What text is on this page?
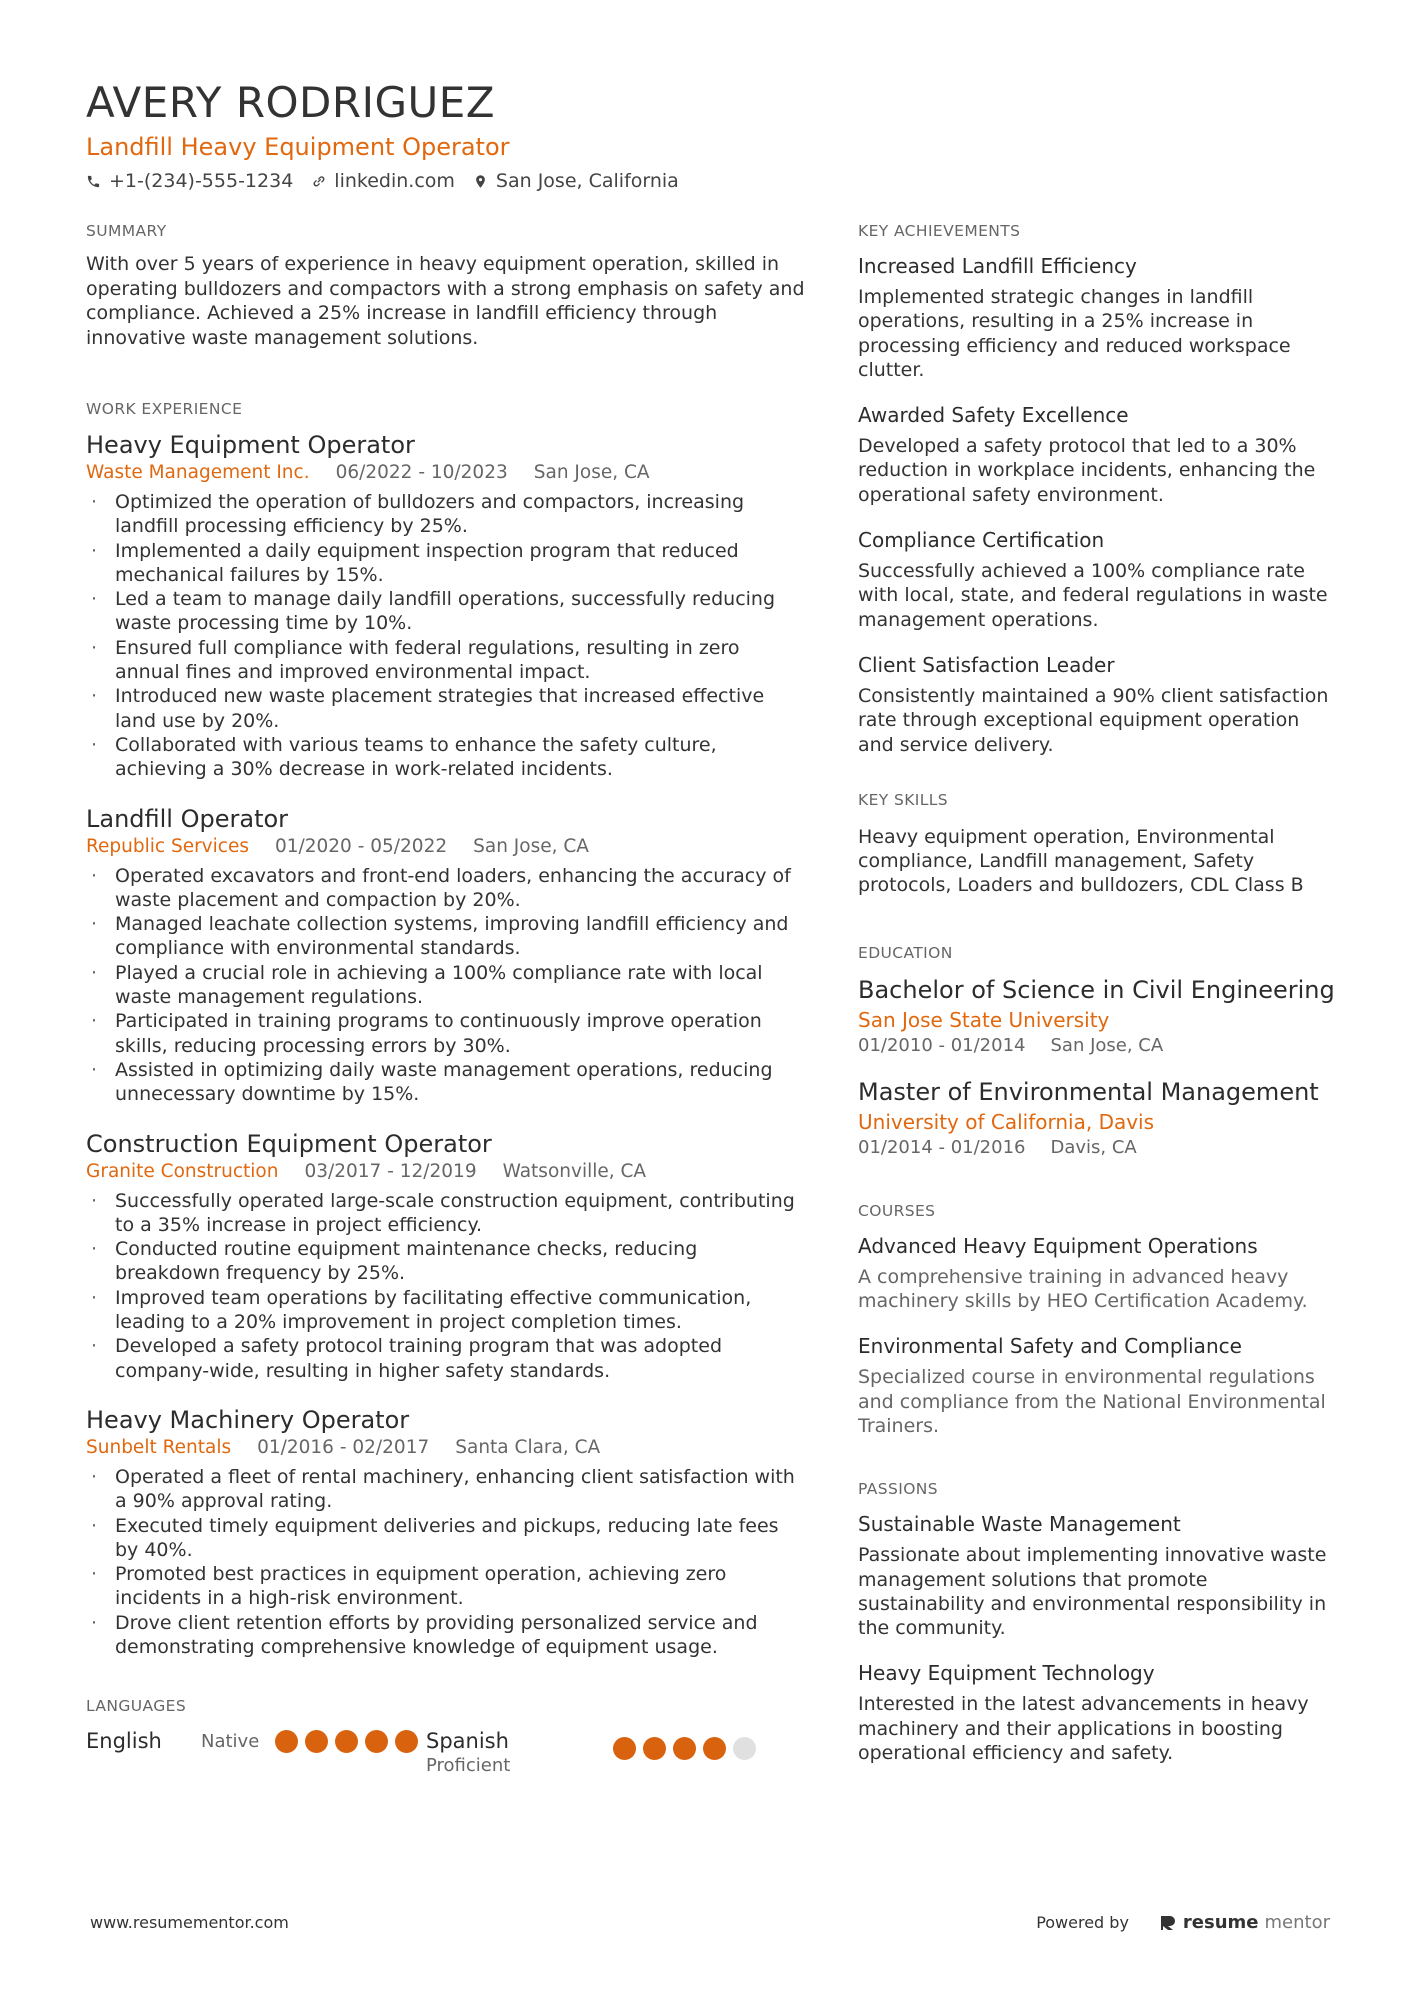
AVERY RODRIGUEZ
Landfill Heavy Equipment Operator
+1-(234)-555-1234 linkedin.com San Jose, California
SUMMARY
With over 5 years of experience in heavy equipment operation, skilled in operating bulldozers and compactors with a strong emphasis on safety and compliance. Achieved a 25% increase in landfill efficiency through innovative waste management solutions.
WORK EXPERIENCE
Heavy Equipment Operator
Waste Management Inc. 06/2022 - 10/2023 San Jose, CA
· Optimized the operation of bulldozers and compactors, increasing landfill processing efficiency by 25%.
· Implemented a daily equipment inspection program that reduced mechanical failures by 15%.
· Led a team to manage daily landfill operations, successfully reducing waste processing time by 10%.
· Ensured full compliance with federal regulations, resulting in zero annual fines and improved environmental impact.
· Introduced new waste placement strategies that increased effective land use by 20%.
· Collaborated with various teams to enhance the safety culture, achieving a 30% decrease in work-related incidents.
Landfill Operator
Republic Services 01/2020 - 05/2022 San Jose, CA
· Operated excavators and front-end loaders, enhancing the accuracy of waste placement and compaction by 20%.
· Managed leachate collection systems, improving landfill efficiency and compliance with environmental standards.
· Played a crucial role in achieving a 100% compliance rate with local waste management regulations.
· Participated in training programs to continuously improve operation skills, reducing processing errors by 30%.
· Assisted in optimizing daily waste management operations, reducing unnecessary downtime by 15%.
Construction Equipment Operator
Granite Construction 03/2017 - 12/2019 Watsonville, CA
· Successfully operated large-scale construction equipment, contributing to a 35% increase in project efficiency.
· Conducted routine equipment maintenance checks, reducing breakdown frequency by 25%.
· Improved team operations by facilitating effective communication, leading to a 20% improvement in project completion times.
· Developed a safety protocol training program that was adopted company-wide, resulting in higher safety standards.
Heavy Machinery Operator
Sunbelt Rentals 01/2016 - 02/2017 Santa Clara, CA
· Operated a fleet of rental machinery, enhancing client satisfaction with a 90% approval rating.
· Executed timely equipment deliveries and pickups, reducing late fees by 40%.
· Promoted best practices in equipment operation, achieving zero incidents in a high-risk environment.
· Drove client retention efforts by providing personalized service and demonstrating comprehensive knowledge of equipment usage.
LANGUAGES
English	Native	Spanish
Proficient
KEY ACHIEVEMENTS
Increased Landfill Efficiency
Implemented strategic changes in landfill operations, resulting in a 25% increase in processing efficiency and reduced workspace clutter.
Awarded Safety Excellence
Developed a safety protocol that led to a 30% reduction in workplace incidents, enhancing the operational safety environment.
Compliance Certification
Successfully achieved a 100% compliance rate with local, state, and federal regulations in waste management operations.
Client Satisfaction Leader
Consistently maintained a 90% client satisfaction rate through exceptional equipment operation and service delivery.
KEY SKILLS
Heavy equipment operation, Environmental compliance, Landfill management, Safety protocols, Loaders and bulldozers, CDL Class B
EDUCATION
Bachelor of Science in Civil Engineering
San Jose State University
01/2010 - 01/2014 San Jose, CA
Master of Environmental Management
University of California, Davis
01/2014 - 01/2016 Davis, CA
COURSES
Advanced Heavy Equipment Operations
A comprehensive training in advanced heavy machinery skills by HEO Certification Academy.
Environmental Safety and Compliance
Specialized course in environmental regulations and compliance from the National Environmental Trainers.
PASSIONS
Sustainable Waste Management
Passionate about implementing innovative waste management solutions that promote sustainability and environmental responsibility in the community.
Heavy Equipment Technology
Interested in the latest advancements in heavy machinery and their applications in boosting operational efficiency and safety.
www.resumementor.com	Powered by	resume mentor
